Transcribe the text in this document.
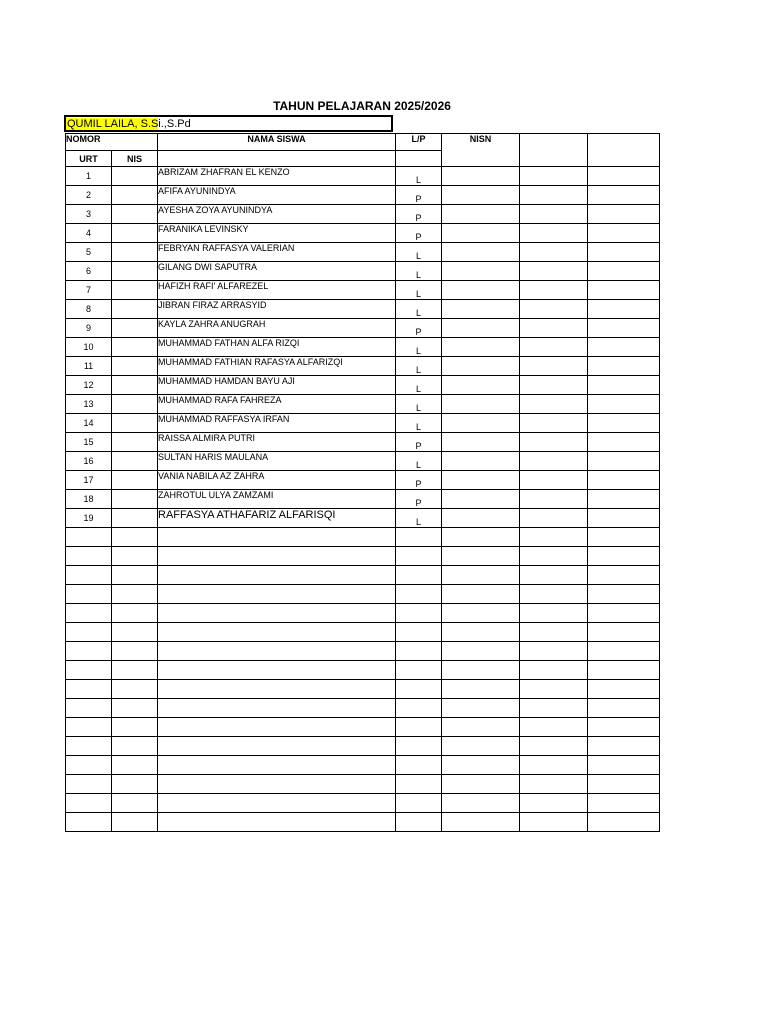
TAHUN PELAJARAN 2025/2026
QUMIL LAILA, S.Si.,S.Pd
NOMOR		NAMA SISWA	L/P	NISN		
URT	NIS					
1		ABRIZAM ZHAFRAN EL KENZO	L			
2		AFIFA AYUNINDYA	P			
3		AYESHA ZOYA AYUNINDYA	P			
4		FARANIKA LEVINSKY	P			
5		FEBRYAN RAFFASYA VALERIAN	L			
6		GILANG DWI SAPUTRA	L			
7		HAFIZH RAFI' ALFAREZEL	L			
8		JIBRAN FIRAZ ARRASYID	L			
9		KAYLA ZAHRA ANUGRAH	P			
10		MUHAMMAD FATHAN ALFA RIZQI	L			
11		MUHAMMAD FATHIAN RAFASYA ALFARIZQI	L			
12		MUHAMMAD HAMDAN BAYU AJI	L			
13		MUHAMMAD RAFA FAHREZA	L			
14		MUHAMMAD RAFFASYA IRFAN	L			
15		RAISSA ALMIRA PUTRI	P			
16		SULTAN HARIS MAULANA	L			
17		VANIA NABILA AZ ZAHRA	P			
18		ZAHROTUL ULYA ZAMZAMI	P			
19		RAFFASYA ATHAFARIZ ALFARISQI	L			
